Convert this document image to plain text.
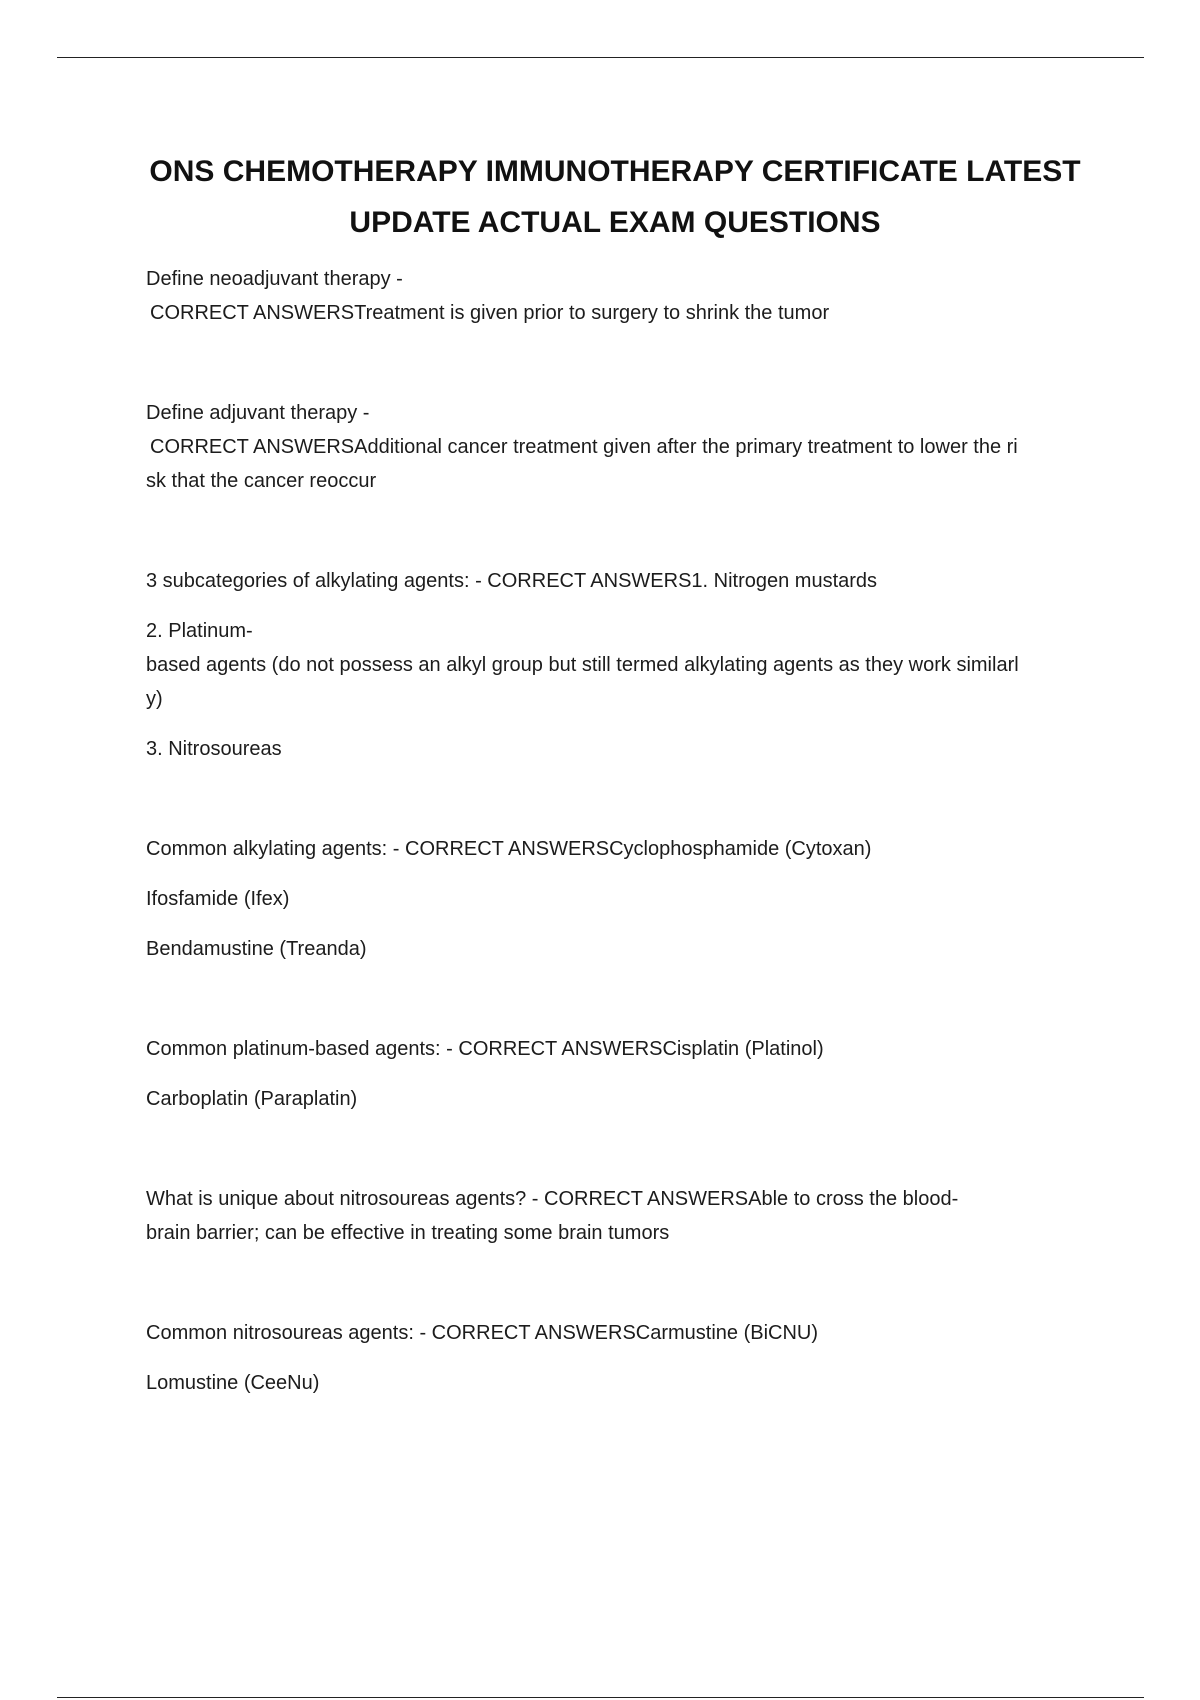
ONS CHEMOTHERAPY IMMUNOTHERAPY CERTIFICATE LATEST
UPDATE ACTUAL EXAM QUESTIONS
Define neoadjuvant therapy -
CORRECT ANSWERSTreatment is given prior to surgery to shrink the tumor
Define adjuvant therapy -
CORRECT ANSWERSAdditional cancer treatment given after the primary treatment to lower the ri
sk that the cancer reoccur
3 subcategories of alkylating agents: - CORRECT ANSWERS1. Nitrogen mustards
2. Platinum-
based agents (do not possess an alkyl group but still termed alkylating agents as they work similarl
y)
3. Nitrosoureas
Common alkylating agents: - CORRECT ANSWERSCyclophosphamide (Cytoxan)
Ifosfamide (Ifex)
Bendamustine (Treanda)
Common platinum-based agents: - CORRECT ANSWERSCisplatin (Platinol)
Carboplatin (Paraplatin)
What is unique about nitrosoureas agents? - CORRECT ANSWERSAble to cross the blood-
brain barrier; can be effective in treating some brain tumors
Common nitrosoureas agents: - CORRECT ANSWERSCarmustine (BiCNU)
Lomustine (CeeNu)
